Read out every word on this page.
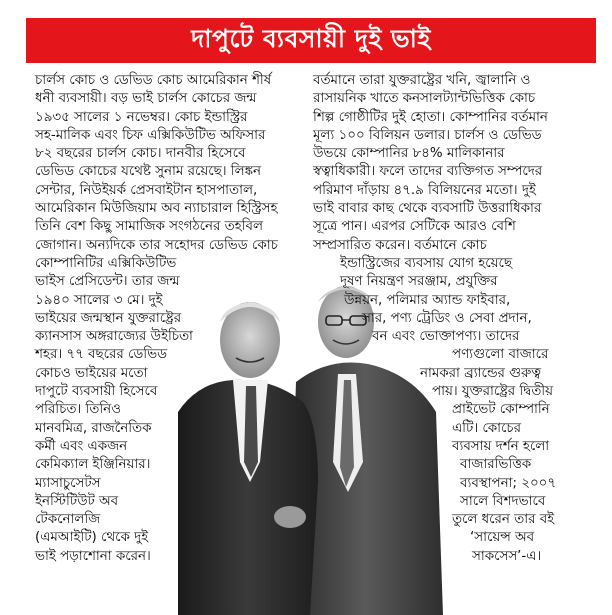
দাপুটে ব্যবসায়ী দুই ভাই
চার্লস কোচ ও ডেভিড কোচ আমেরিকান শীর্ষ
ধনী ব্যবসায়ী। বড় ভাই চার্লস কোচের জন্ম
১৯৩৫ সালের ১ নভেম্বর। কোচ ইন্ডাস্ট্রির
সহ-মালিক এবং চিফ এক্সিকিউটিভ অফিসার
৮২ বছরের চার্লস কোচ। দানবীর হিসেবে
ডেভিড কোচের যথেষ্ট সুনাম রয়েছে। লিঙ্কন
সেন্টার, নিউইয়র্ক প্রেসবাইটান হাসপাতাল,
আমেরিকান মিউজিয়াম অব ন্যাচারাল হিস্ট্রিসহ
তিনি বেশ কিছু সামাজিক সংগঠনের তহবিল
জোগান। অন্যদিকে তার সহোদর ডেভিড কোচ
কোম্পানিটির এক্সিকিউটিভ
ভাইস প্রেসিডেন্ট। তার জন্ম
১৯৪০ সালের ৩ মে। দুই
ভাইয়ের জন্মস্থান যুক্তরাষ্ট্রের
ক্যানসাস অঙ্গরাজ্যের উইচিতা
শহর। ৭৭ বছরের ডেভিড
কোচও ভাইয়ের মতো
দাপুটে ব্যবসায়ী হিসেবে
পরিচিত। তিনিও
মানবমিত্র, রাজনৈতিক
কর্মী এবং একজন
কেমিক্যাল ইঞ্জিনিয়ার।
ম্যাসাচুসেটস
ইনস্টিটিউট অব
টেকনোলজি
(এমআইটি) থেকে দুই
ভাই পড়াশোনা করেন।
বর্তমানে তারা যুক্তরাষ্ট্রের খনি, জ্বালানি ও
রাসায়নিক খাতে কনসালট্যান্টভিত্তিক কোচ
শিল্প গোষ্ঠীটির দুই হোতা। কোম্পানির বর্তমান
মূল্য ১০০ বিলিয়ন ডলার। চার্লস ও ডেভিড
উভয়ে কোম্পানির ৮৪% মালিকানার
স্বত্বাধিকারী। ফলে তাদের ব্যক্তিগত সম্পদের
পরিমাণ দাঁড়ায় ৪৭.৯ বিলিয়নের মতো। দুই
ভাই বাবার কাছ থেকে ব্যবসাটি উত্তরাধিকার
সূত্রে পান। এরপর সেটিকে আরও বেশি
সম্প্রসারিত করেন। বর্তমানে কোচ
ইন্ডাস্ট্রিজের ব্যবসায় যোগ হয়েছে
দূষণ নিয়ন্ত্রণ সরঞ্জাম, প্রযুক্তির
উন্নয়ন, পলিমার অ্যান্ড ফাইবার,
সার, পণ্য ট্রেডিং ও সেবা প্রদান,
বন এবং ভোক্তাপণ্য। তাদের
পণ্যগুলো বাজারে
নামকরা ব্র্যান্ডের গুরুত্ব
পায়। যুক্তরাষ্ট্রের দ্বিতীয়
প্রাইভেট কোম্পানি
এটি। কোচের
ব্যবসায় দর্শন হলো
বাজারভিত্তিক
ব্যবস্থাপনা; ২০০৭
সালে বিশদভাবে
তুলে ধরেন তার বই
‘সায়েন্স অব
সাকসেস’-এ।
